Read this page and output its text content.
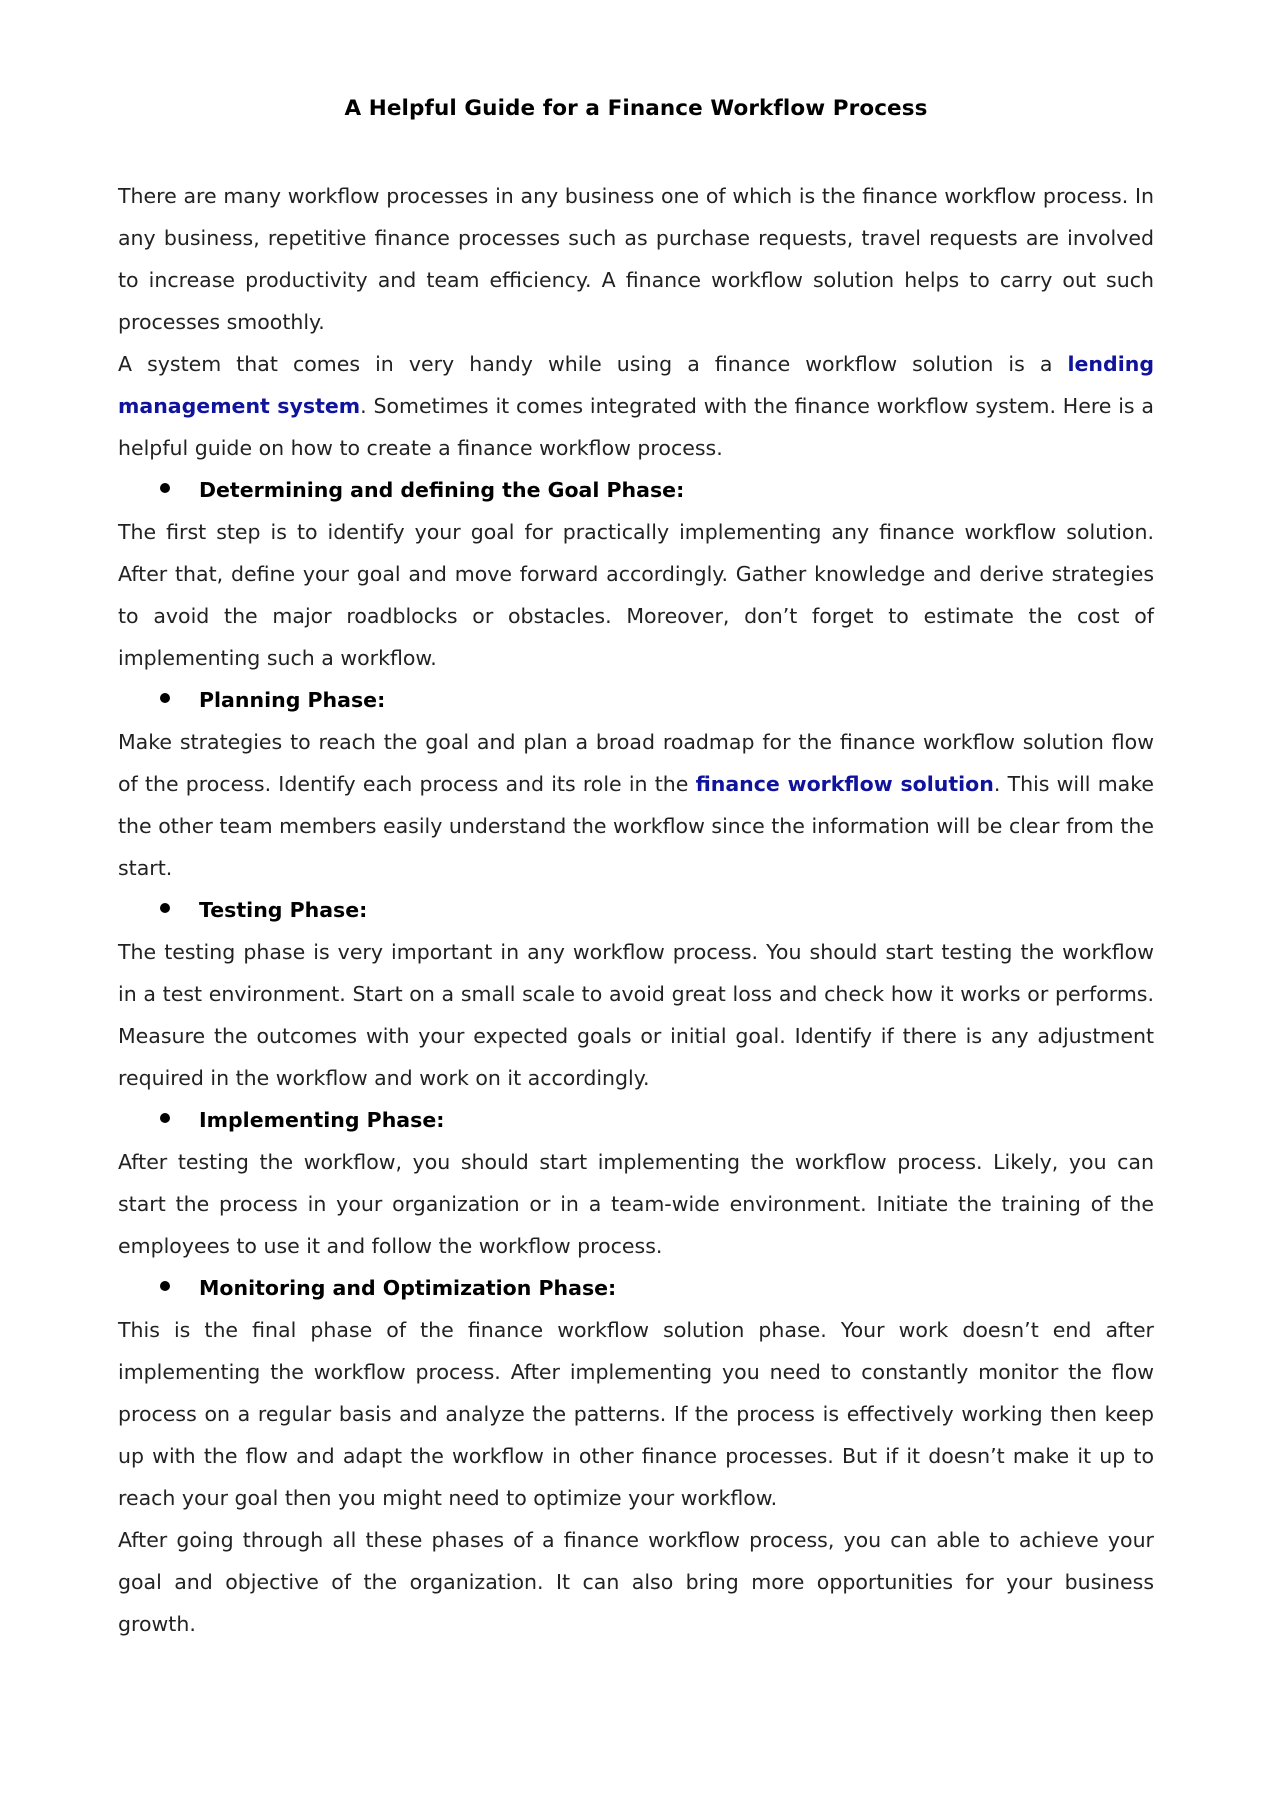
A Helpful Guide for a Finance Workflow Process

There are many workflow processes in any business one of which is the finance workflow process. In any business, repetitive finance processes such as purchase requests, travel requests are involved to increase productivity and team efficiency. A finance workflow solution helps to carry out such processes smoothly.

A system that comes in very handy while using a finance workflow solution is a lending management system. Sometimes it comes integrated with the finance workflow system. Here is a helpful guide on how to create a finance workflow process.

Determining and defining the Goal Phase:

The first step is to identify your goal for practically implementing any finance workflow solution. After that, define your goal and move forward accordingly. Gather knowledge and derive strategies to avoid the major roadblocks or obstacles. Moreover, don’t forget to estimate the cost of implementing such a workflow.

Planning Phase:

Make strategies to reach the goal and plan a broad roadmap for the finance workflow solution flow of the process. Identify each process and its role in the finance workflow solution. This will make the other team members easily understand the workflow since the information will be clear from the start.

Testing Phase:

The testing phase is very important in any workflow process. You should start testing the workflow in a test environment. Start on a small scale to avoid great loss and check how it works or performs. Measure the outcomes with your expected goals or initial goal. Identify if there is any adjustment required in the workflow and work on it accordingly.

Implementing Phase:

After testing the workflow, you should start implementing the workflow process. Likely, you can start the process in your organization or in a team-wide environment. Initiate the training of the employees to use it and follow the workflow process.

Monitoring and Optimization Phase:

This is the final phase of the finance workflow solution phase. Your work doesn’t end after implementing the workflow process. After implementing you need to constantly monitor the flow process on a regular basis and analyze the patterns. If the process is effectively working then keep up with the flow and adapt the workflow in other finance processes. But if it doesn’t make it up to reach your goal then you might need to optimize your workflow.

After going through all these phases of a finance workflow process, you can able to achieve your goal and objective of the organization. It can also bring more opportunities for your business growth.
